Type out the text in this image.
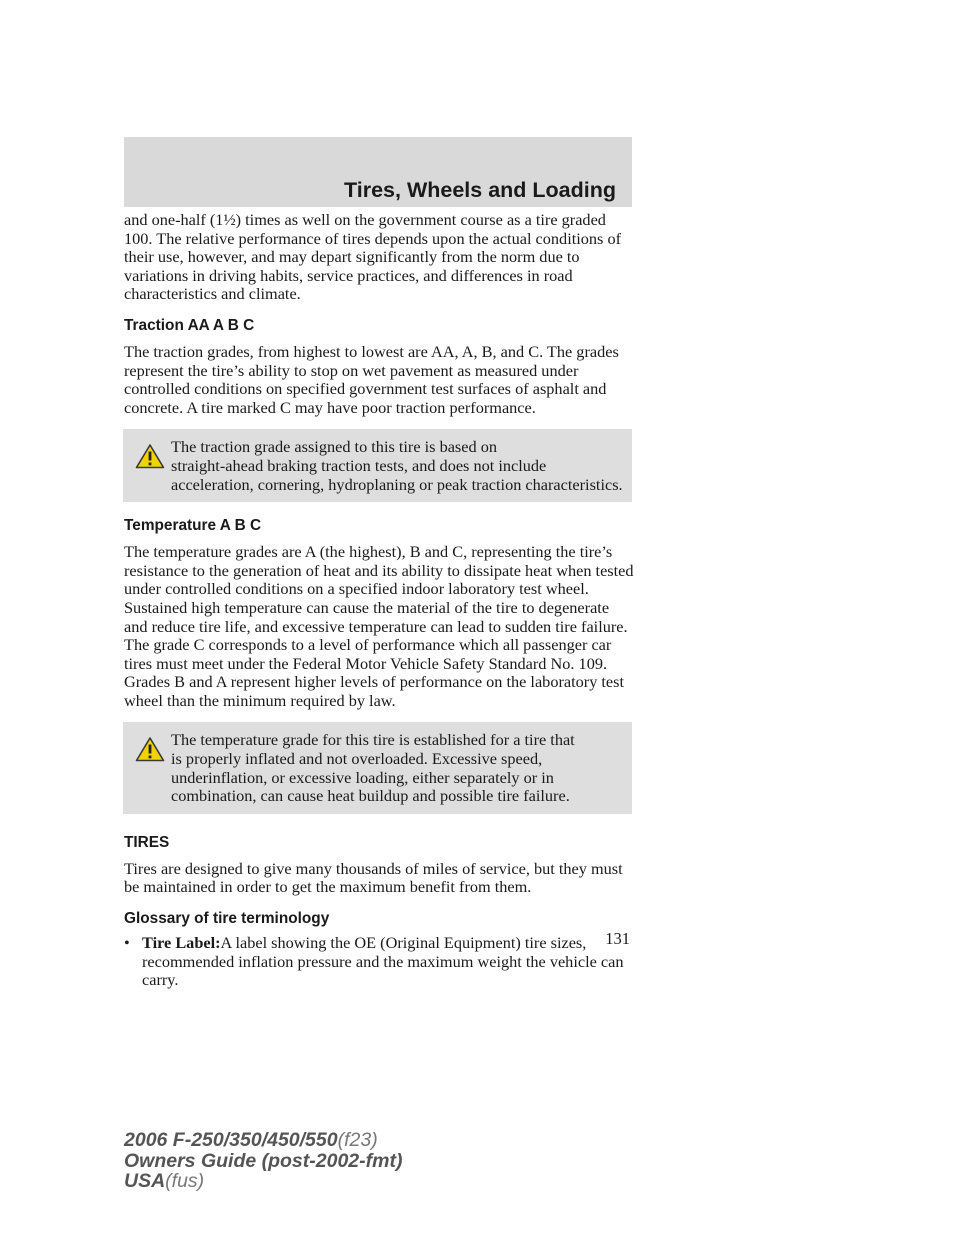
Tires, Wheels and Loading

and one-half (1½) times as well on the government course as a tire graded 100. The relative performance of tires depends upon the actual conditions of their use, however, and may depart significantly from the norm due to variations in driving habits, service practices, and differences in road characteristics and climate.

Traction AA A B C

The traction grades, from highest to lowest are AA, A, B, and C. The grades represent the tire’s ability to stop on wet pavement as measured under controlled conditions on specified government test surfaces of asphalt and concrete. A tire marked C may have poor traction performance.

The traction grade assigned to this tire is based on

straight-ahead braking traction tests, and does not include acceleration, cornering, hydroplaning or peak traction characteristics.

Temperature A B C

The temperature grades are A (the highest), B and C, representing the tire’s resistance to the generation of heat and its ability to dissipate heat when tested under controlled conditions on a specified indoor laboratory test wheel. Sustained high temperature can cause the material of the tire to degenerate and reduce tire life, and excessive temperature can lead to sudden tire failure. The grade C corresponds to a level of performance which all passenger car tires must meet under the Federal Motor Vehicle Safety Standard No. 109. Grades B and A represent higher levels of performance on the laboratory test wheel than the minimum required by law.

The temperature grade for this tire is established for a tire that

is properly inflated and not overloaded. Excessive speed, underinflation, or excessive loading, either separately or in combination, can cause heat buildup and possible tire failure.

TIRES

Tires are designed to give many thousands of miles of service, but they must be maintained in order to get the maximum benefit from them.

Glossary of tire terminology

• Tire Label:A label showing the OE (Original Equipment) tire sizes, recommended inflation pressure and the maximum weight the vehicle can carry.
131
2006 F-250/350/450/550(f23)
Owners Guide (post-2002-fmt)
USA(fus)
